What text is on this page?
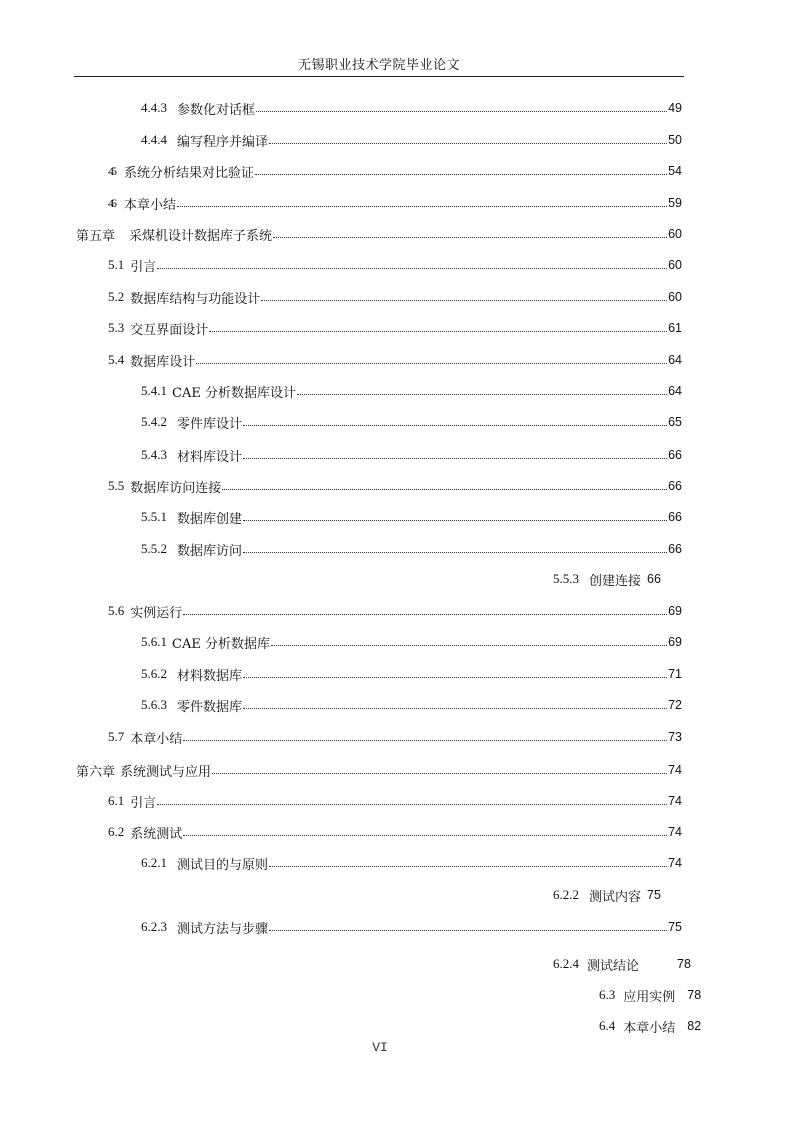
无锡职业技术学院毕业论文
4.4.3 参数化对话框	49
4.4.4 编写程序并编译	50
4.5 系统分析结果对比验证	54
4.6 本章小结	59
第五章 采煤机设计数据库子系统	60
5.1 引言	60
5.2 数据库结构与功能设计	60
5.3 交互界面设计	61
5.4 数据库设计	64
5.4.1 CAE 分析数据库设计	64
5.4.2 零件库设计	65
5.4.3 材料库设计	66
5.5 数据库访问连接	66
5.5.1 数据库创建	66
5.5.2 数据库访问	66
5.5.3 创建连接 66
5.6 实例运行	69
5.6.1 CAE 分析数据库	69
5.6.2 材料数据库	71
5.6.3 零件数据库	72
5.7 本章小结	73
第六章 系统测试与应用	74
6.1 引言	74
6.2 系统测试	74
6.2.1 测试目的与原则	74
6.2.2 测试内容 75
6.2.3 测试方法与步骤	75
6.2.4 测试结论	78
6.3 应用实例 78
6.4 本章小结 82
VI
